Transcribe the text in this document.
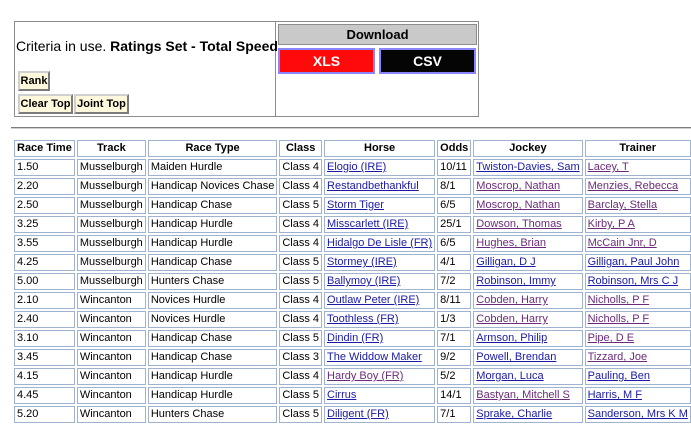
Criteria in use. Ratings Set - Total Speed
Rank
Clear Top Joint Top
Download
XLS	CSV
Race Time	Track	Race Type	Class	Horse	Odds	Jockey	Trainer
1.50	Musselburgh	Maiden Hurdle	Class 4	Elogio (IRE)	10/11	Twiston-Davies, Sam	Lacey, T
2.20	Musselburgh	Handicap Novices Chase	Class 4	Restandbethankful	8/1	Moscrop, Nathan	Menzies, Rebecca
2.50	Musselburgh	Handicap Chase	Class 5	Storm Tiger	6/5	Moscrop, Nathan	Barclay, Stella
3.25	Musselburgh	Handicap Hurdle	Class 4	Misscarlett (IRE)	25/1	Dowson, Thomas	Kirby, P A
3.55	Musselburgh	Handicap Hurdle	Class 4	Hidalgo De Lisle (FR)	6/5	Hughes, Brian	McCain Jnr, D
4.25	Musselburgh	Handicap Chase	Class 5	Stormey (IRE)	4/1	Gilligan, D J	Gilligan, Paul John
5.00	Musselburgh	Hunters Chase	Class 5	Ballymoy (IRE)	7/2	Robinson, Immy	Robinson, Mrs C J
2.10	Wincanton	Novices Hurdle	Class 4	Outlaw Peter (IRE)	8/11	Cobden, Harry	Nicholls, P F
2.40	Wincanton	Novices Hurdle	Class 4	Toothless (FR)	1/3	Cobden, Harry	Nicholls, P F
3.10	Wincanton	Handicap Chase	Class 5	Dindin (FR)	7/1	Armson, Philip	Pipe, D E
3.45	Wincanton	Handicap Chase	Class 3	The Widdow Maker	9/2	Powell, Brendan	Tizzard, Joe
4.15	Wincanton	Handicap Hurdle	Class 4	Hardy Boy (FR)	5/2	Morgan, Luca	Pauling, Ben
4.45	Wincanton	Handicap Hurdle	Class 5	Cirrus	14/1	Bastyan, Mitchell S	Harris, M F
5.20	Wincanton	Hunters Chase	Class 5	Diligent (FR)	7/1	Sprake, Charlie	Sanderson, Mrs K M
